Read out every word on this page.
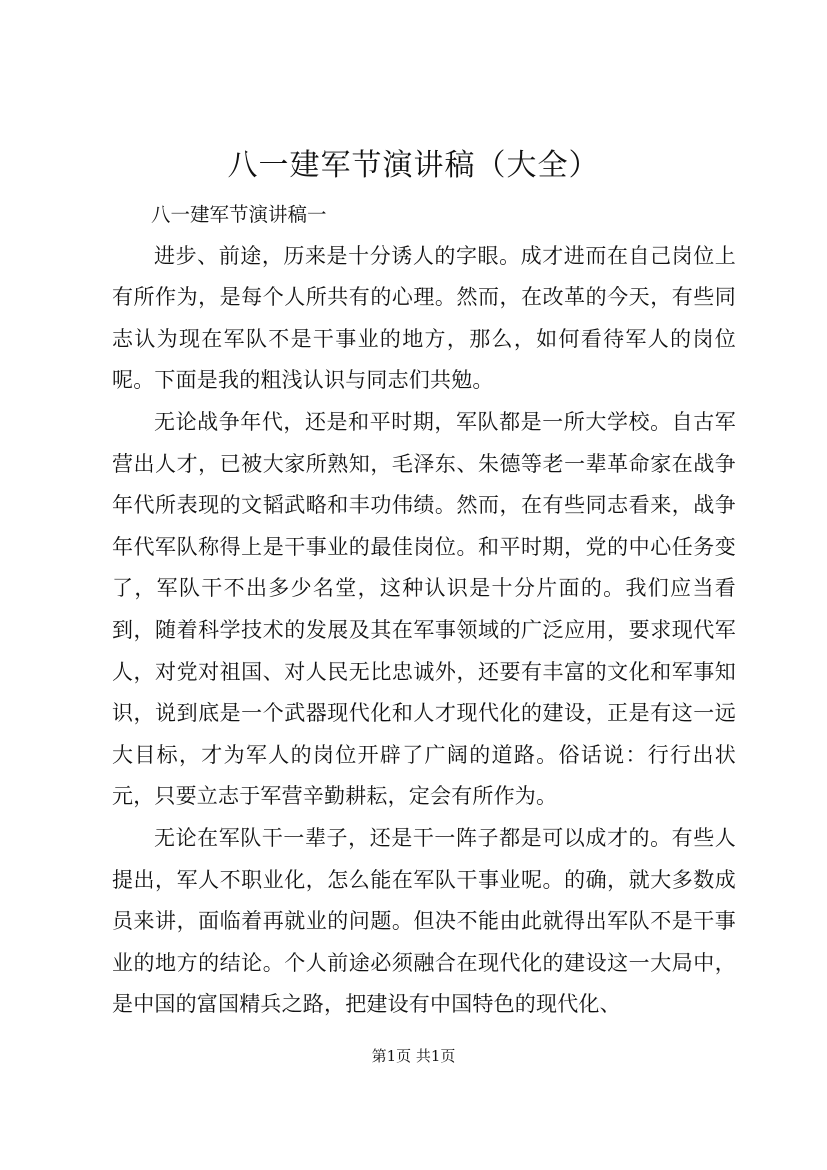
八一建军节演讲稿（大全）

八一建军节演讲稿一

进步、前途，历来是十分诱人的字眼。成才进而在自己岗位上有所作为，是每个人所共有的心理。然而，在改革的今天，有些同志认为现在军队不是干事业的地方，那么，如何看待军人的岗位呢。下面是我的粗浅认识与同志们共勉。

无论战争年代，还是和平时期，军队都是一所大学校。自古军营出人才，已被大家所熟知，毛泽东、朱德等老一辈革命家在战争年代所表现的文韬武略和丰功伟绩。然而，在有些同志看来，战争年代军队称得上是干事业的最佳岗位。和平时期，党的中心任务变了，军队干不出多少名堂，这种认识是十分片面的。我们应当看到，随着科学技术的发展及其在军事领域的广泛应用，要求现代军人，对党对祖国、对人民无比忠诚外，还要有丰富的文化和军事知识，说到底是一个武器现代化和人才现代化的建设，正是有这一远大目标，才为军人的岗位开辟了广阔的道路。俗话说：行行出状元，只要立志于军营辛勤耕耘，定会有所作为。

无论在军队干一辈子，还是干一阵子都是可以成才的。有些人提出，军人不职业化，怎么能在军队干事业呢。的确，就大多数成员来讲，面临着再就业的问题。但决不能由此就得出军队不是干事业的地方的结论。个人前途必须融合在现代化的建设这一大局中，是中国的富国精兵之路，把建设有中国特色的现代化、

第1页 共1页
